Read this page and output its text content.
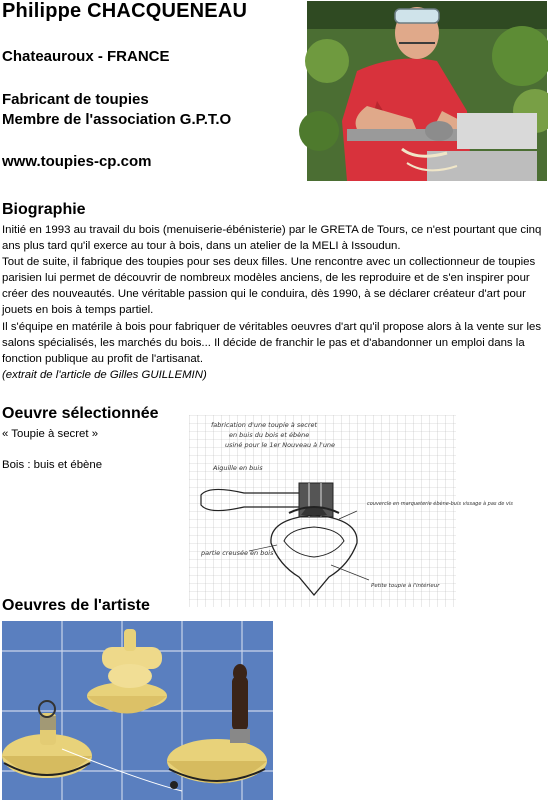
Philippe CHACQUENEAU
Chateauroux - FRANCE
Fabricant de toupies
Membre de l'association G.P.T.O
www.toupies-cp.com
Biographie

Initié en 1993 au travail du bois (menuiserie-ébénisterie) par le GRETA de Tours, ce n'est pourtant que cinq ans plus tard qu'il exerce au tour à bois, dans un atelier de la MELI à Issoudun.

Tout de suite, il fabrique des toupies pour ses deux filles. Une rencontre avec un collectionneur de toupies parisien lui permet de découvrir de nombreux modèles anciens, de les reproduire et de s'en inspirer pour créer des nouveautés. Une véritable passion qui le conduira, dès 1990, à se déclarer créateur d'art pour jouets en bois à temps partiel.

Il s'équipe en matérile à bois pour fabriquer de véritables oeuvres d'art qu'il propose alors à la vente sur les salons spécialisés, les marchés du bois... Il décide de franchir le pas et d'abandonner un emploi dans la fonction publique au profit de l'artisanat.

(extrait de l'article de Gilles GUILLEMIN)

Oeuvre sélectionnée
« Toupie à secret »
Bois : buis et ébène
fabrication d'une toupie à secret
en buis du bois et ébène
usiné pour le 1er Nouveau à l'une
Aiguille en buis
partie creusée en bois
couvercle en marqueterie ébène-buis vissage à pas de vis
Petite toupie à l'intérieur
Oeuvres de l'artiste
